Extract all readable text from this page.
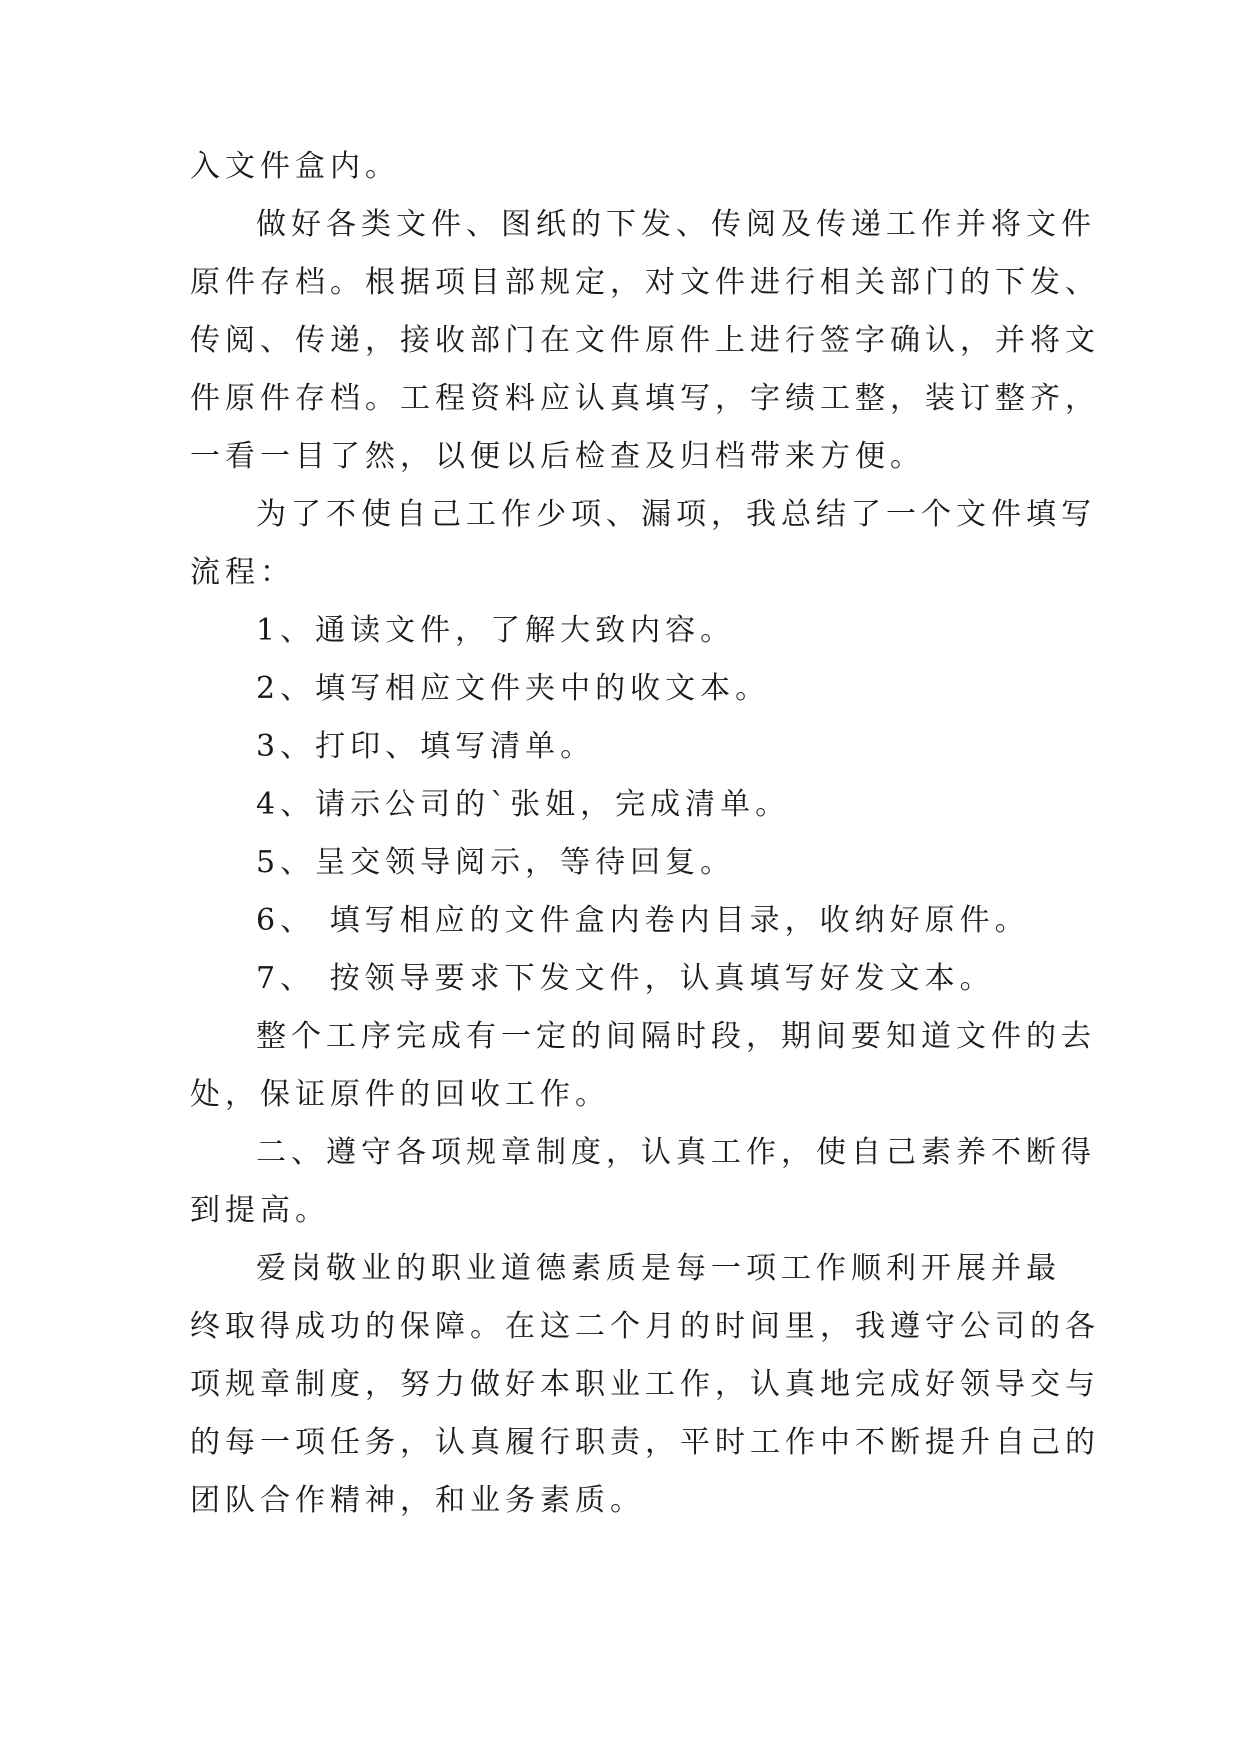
入文件盒内。
做好各类文件、图纸的下发、传阅及传递工作并将文件
原件存档。根据项目部规定，对文件进行相关部门的下发、
传阅、传递，接收部门在文件原件上进行签字确认，并将文
件原件存档。工程资料应认真填写，字绩工整，装订整齐，
一看一目了然，以便以后检查及归档带来方便。
为了不使自己工作少项、漏项，我总结了一个文件填写
流程：
1、通读文件，了解大致内容。
2、填写相应文件夹中的收文本。
3、打印、填写清单。
4、请示公司的`张姐，完成清单。
5、呈交领导阅示，等待回复。
6、 填写相应的文件盒内卷内目录，收纳好原件。
7、 按领导要求下发文件，认真填写好发文本。
整个工序完成有一定的间隔时段，期间要知道文件的去
处，保证原件的回收工作。
二、遵守各项规章制度，认真工作，使自己素养不断得
到提高。
爱岗敬业的职业道德素质是每一项工作顺利开展并最
终取得成功的保障。在这二个月的时间里，我遵守公司的各
项规章制度，努力做好本职业工作，认真地完成好领导交与
的每一项任务，认真履行职责，平时工作中不断提升自己的
团队合作精神，和业务素质。
